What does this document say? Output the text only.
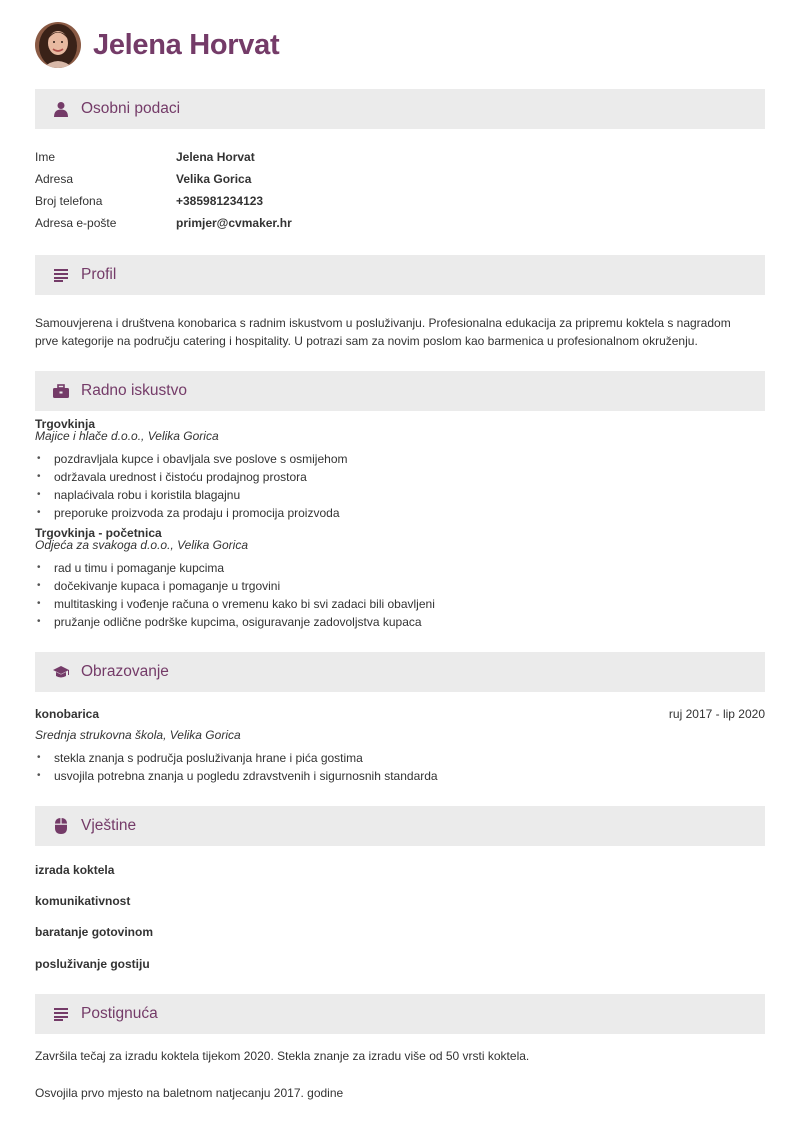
Jelena Horvat
Osobni podaci
Ime	Jelena Horvat
Adresa	Velika Gorica
Broj telefona	+385981234123
Adresa e-pošte	primjer@cvmaker.hr
Profil
Samouvjerena i društvena konobarica s radnim iskustvom u posluživanju. Profesionalna edukacija za pripremu koktela s nagradom
prve kategorije na području catering i hospitality. U potrazi sam za novim poslom kao barmenica u profesionalnom okruženju.
Radno iskustvo
Trgovkinja
Majice i hlače d.o.o., Velika Gorica
• pozdravljala kupce i obavljala sve poslove s osmijehom
• održavala urednost i čistoću prodajnog prostora
• naplaćivala robu i koristila blagajnu
• preporuke proizvoda za prodaju i promocija proizvoda
Trgovkinja - početnica
Odjeća za svakoga d.o.o., Velika Gorica
• rad u timu i pomaganje kupcima
• dočekivanje kupaca i pomaganje u trgovini
• multitasking i vođenje računa o vremenu kako bi svi zadaci bili obavljeni
• pružanje odlične podrške kupcima, osiguravanje zadovoljstva kupaca
Obrazovanje
konobarica	ruj 2017 - lip 2020
Srednja strukovna škola, Velika Gorica
• stekla znanja s područja posluživanja hrane i pića gostima
• usvojila potrebna znanja u pogledu zdravstvenih i sigurnosnih standarda
Vještine
izrada koktela
komunikativnost
baratanje gotovinom
posluživanje gostiju
Postignuća
Završila tečaj za izradu koktela tijekom 2020. Stekla znanje za izradu više od 50 vrsti koktela.
Osvojila prvo mjesto na baletnom natjecanju 2017. godine
